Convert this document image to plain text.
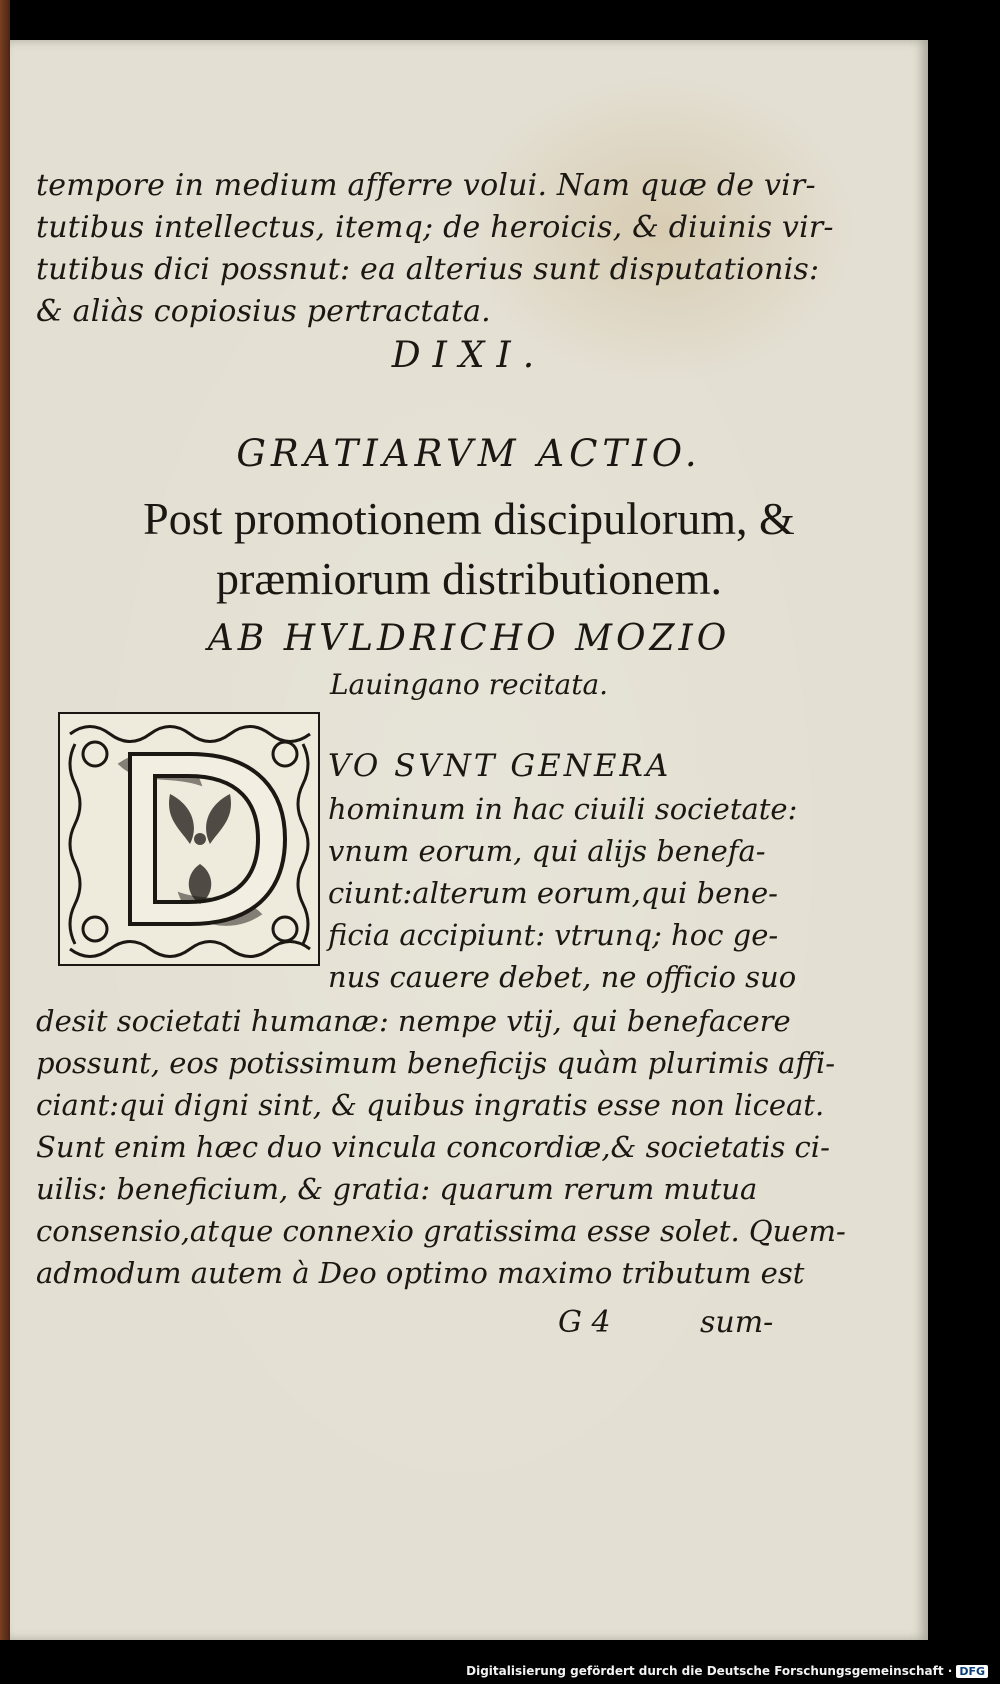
tempore in medium afferre volui. Nam quæ de vir-
tutibus intellectus, itemq; de heroicis, & diuinis vir-
tutibus dici possnut: ea alterius sunt disputationis:
& aliàs copiosius pertractata.
DIXI.
GRATIARVM ACTIO.
Post promotionem discipulorum, &
præmiorum distributionem.
AB HVLDRICHO MOZIO
Lauingano recitata.
VO SVNT GENERA
hominum in hac ciuili societate:
vnum eorum, qui alijs benefa-
ciunt:alterum eorum,qui bene-
ficia accipiunt: vtrunq; hoc ge-
nus cauere debet, ne officio suo
desit societati humanæ: nempe vtij, qui benefacere
possunt, eos potissimum beneficijs quàm plurimis affi-
ciant:qui digni sint, & quibus ingratis esse non liceat.
Sunt enim hæc duo vincula concordiæ,& societatis ci-
uilis: beneficium, & gratia: quarum rerum mutua
consensio,atque connexio gratissima esse solet. Quem-
admodum autem à Deo optimo maximo tributum est
G 4	sum-
Digitalisierung gefördert durch die Deutsche Forschungsgemeinschaft · DFG
